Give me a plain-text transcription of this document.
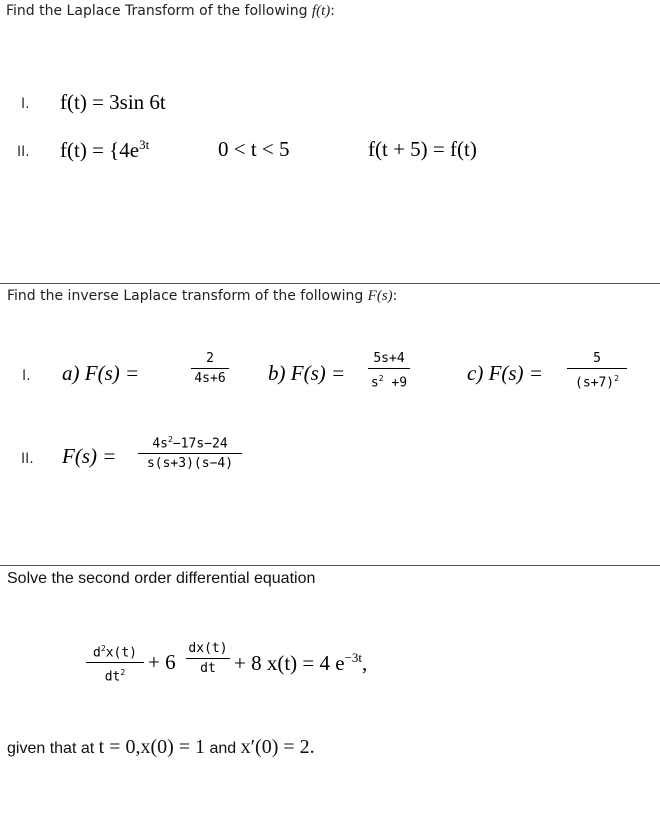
Find the Laplace Transform of the following f(t):
I. f(t) = 3sin 6t
II. $f(t) = \{4e^{3t}$	0 < t < 5	f(t + 5) = f(t)
Find the inverse Laplace transform of the following F(s):
I. a) F(s) =
2
4s+6 b) F(s) =
5s+4
$s^2 +9$	c) F(s) =
5
$(s+7)^2$
II. F(s) =
$4s^2-17s-24$
s(s+3)(s−4)
Solve the second order differential equation
$d^2x(t)$
$dt^2 + 6$
dx(t)
dt + 8 x(t) = 4 $e^{-3t}$,
given that at t = 0,x(0) = 1 and x′(0) = 2.
